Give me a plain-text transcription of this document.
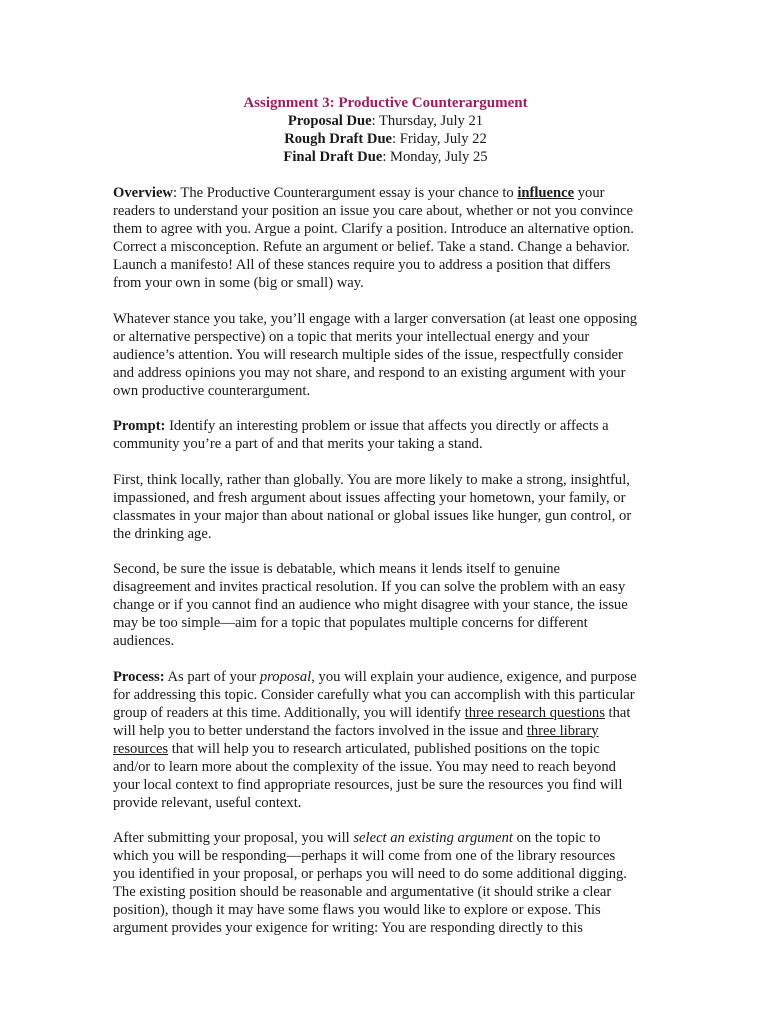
Assignment 3: Productive Counterargument
Proposal Due: Thursday, July 21
Rough Draft Due: Friday, July 22
Final Draft Due: Monday, July 25

Overview: The Productive Counterargument essay is your chance to influence your
readers to understand your position an issue you care about, whether or not you convince
them to agree with you. Argue a point. Clarify a position. Introduce an alternative option.
Correct a misconception. Refute an argument or belief. Take a stand. Change a behavior.
Launch a manifesto! All of these stances require you to address a position that differs
from your own in some (big or small) way.

Whatever stance you take, you’ll engage with a larger conversation (at least one opposing
or alternative perspective) on a topic that merits your intellectual energy and your
audience’s attention. You will research multiple sides of the issue, respectfully consider
and address opinions you may not share, and respond to an existing argument with your
own productive counterargument.

Prompt: Identify an interesting problem or issue that affects you directly or affects a
community you’re a part of and that merits your taking a stand.

First, think locally, rather than globally. You are more likely to make a strong, insightful,
impassioned, and fresh argument about issues affecting your hometown, your family, or
classmates in your major than about national or global issues like hunger, gun control, or
the drinking age.

Second, be sure the issue is debatable, which means it lends itself to genuine
disagreement and invites practical resolution. If you can solve the problem with an easy
change or if you cannot find an audience who might disagree with your stance, the issue
may be too simple—aim for a topic that populates multiple concerns for different
audiences.

Process: As part of your proposal, you will explain your audience, exigence, and purpose
for addressing this topic. Consider carefully what you can accomplish with this particular
group of readers at this time. Additionally, you will identify three research questions that
will help you to better understand the factors involved in the issue and three library
resources that will help you to research articulated, published positions on the topic
and/or to learn more about the complexity of the issue. You may need to reach beyond
your local context to find appropriate resources, just be sure the resources you find will
provide relevant, useful context.

After submitting your proposal, you will select an existing argument on the topic to
which you will be responding—perhaps it will come from one of the library resources
you identified in your proposal, or perhaps you will need to do some additional digging.
The existing position should be reasonable and argumentative (it should strike a clear
position), though it may have some flaws you would like to explore or expose. This
argument provides your exigence for writing: You are responding directly to this
